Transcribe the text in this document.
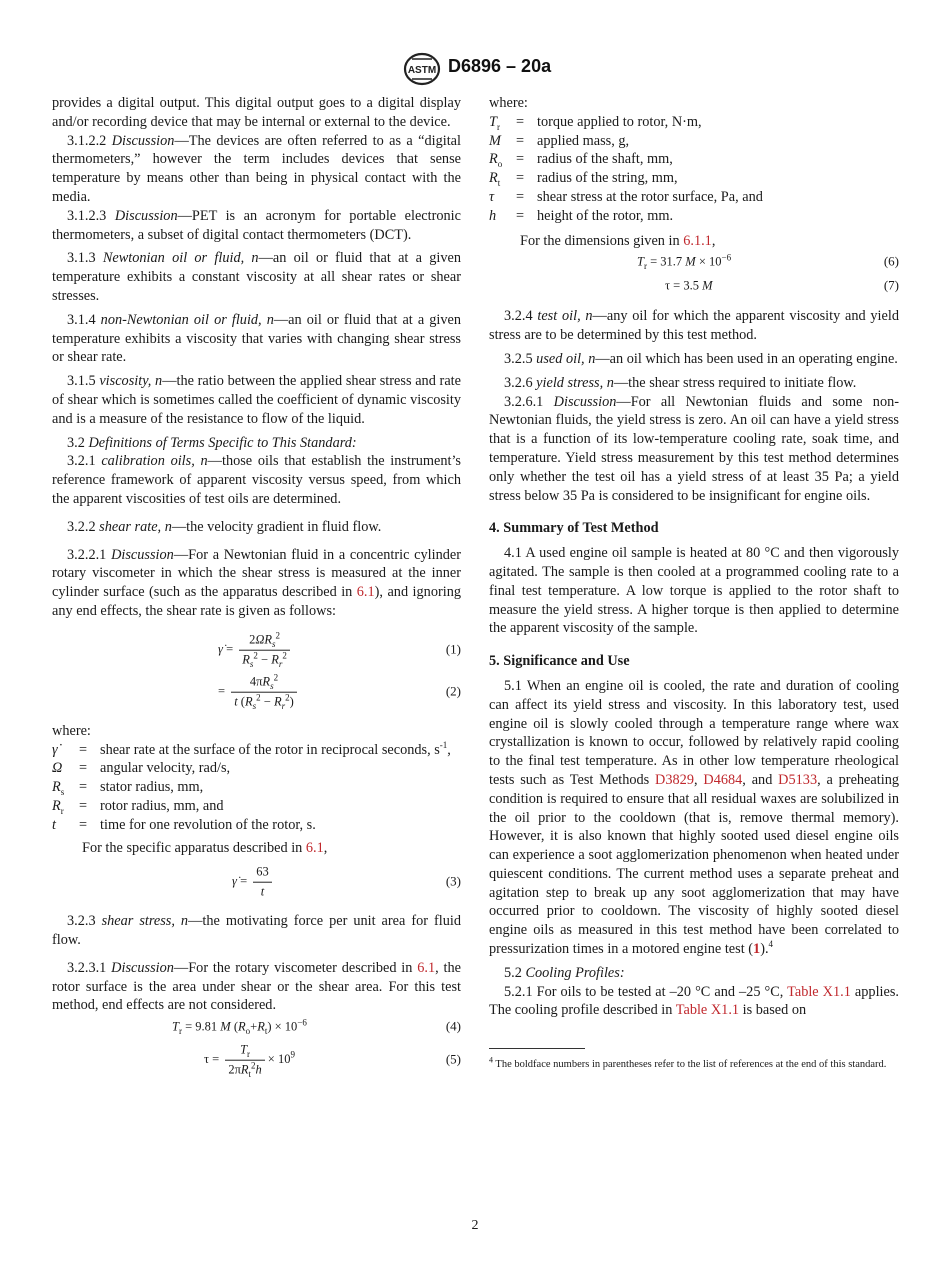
ASTM D6896 – 20a

provides a digital output. This digital output goes to a digital display and/or recording device that may be internal or external to the device.

3.1.2.2 Discussion—The devices are often referred to as a “digital thermometers,” however the term includes devices that sense temperature by means other than being in physical contact with the media.

3.1.2.3 Discussion—PET is an acronym for portable electronic thermometers, a subset of digital contact thermometers (DCT).

3.1.3 Newtonian oil or fluid, n—an oil or fluid that at a given temperature exhibits a constant viscosity at all shear rates or shear stresses.

3.1.4 non-Newtonian oil or fluid, n—an oil or fluid that at a given temperature exhibits a viscosity that varies with changing shear stress or shear rate.

3.1.5 viscosity, n—the ratio between the applied shear stress and rate of shear which is sometimes called the coefficient of dynamic viscosity and is a measure of the resistance to flow of the liquid.

3.2 Definitions of Terms Specific to This Standard:

3.2.1 calibration oils, n—those oils that establish the instrument’s reference framework of apparent viscosity versus speed, from which the apparent viscosities of test oils are determined.

3.2.2 shear rate, n—the velocity gradient in fluid flow.

3.2.2.1 Discussion—For a Newtonian fluid in a concentric cylinder rotary viscometer in which the shear stress is measured at the inner cylinder surface (such as the apparatus described in 6.1), and ignoring any end effects, the shear rate is given as follows:

γ̇ = $\frac{2\Omega R_s^2}{R_s^2 - R_r^2}$	(1)
= $\frac{4\pi R_s^2}{t (R_s^2 - R_r^2)}$	(2)

where:

γ̇	= shear rate at the surface of the rotor in reciprocal seconds, $s^{-1}$,
Ω	= angular velocity, rad/s,
$R_s$	= stator radius, mm,
$R_r$	= rotor radius, mm, and
t	= time for one revolution of the rotor, s.

For the specific apparatus described in 6.1,

γ̇ = $\frac{63}{t}$	(3)

3.2.3 shear stress, n—the motivating force per unit area for fluid flow.

3.2.3.1 Discussion—For the rotary viscometer described in 6.1, the rotor surface is the area under shear or the shear area. For this test method, end effects are not considered.

$T_r = 9.81$ M $(R_o+R_t) \times 10^{-6}$	(4)
$\tau = \frac{T_r}{2\pi R_t^2h} \times 10^9$	(5)

where:

$T_r$	= torque applied to rotor, N·m,
M	= applied mass, g,
$R_o$ = radius of the shaft, mm,
$R_t$	= radius of the string, mm,
τ	= shear stress at the rotor surface, Pa, and
h	= height of the rotor, mm.

For the dimensions given in 6.1.1,

$T_r = 31.7$ $M \times 10^{-6}$	(6)
τ = 3.5 M	(7)

3.2.4 test oil, n—any oil for which the apparent viscosity and yield stress are to be determined by this test method.

3.2.5 used oil, n—an oil which has been used in an operating engine.

3.2.6 yield stress, n—the shear stress required to initiate flow.

3.2.6.1 Discussion—For all Newtonian fluids and some non-Newtonian fluids, the yield stress is zero. An oil can have a yield stress that is a function of its low-temperature cooling rate, soak time, and temperature. Yield stress measurement by this test method determines only whether the test oil has a yield stress of at least 35 Pa; a yield stress below 35 Pa is considered to be insignificant for engine oils.

4. Summary of Test Method

4.1 A used engine oil sample is heated at 80 °C and then vigorously agitated. The sample is then cooled at a programmed cooling rate to a final test temperature. A low torque is applied to the rotor shaft to measure the yield stress. A higher torque is then applied to determine the apparent viscosity of the sample.

5. Significance and Use

5.1 When an engine oil is cooled, the rate and duration of cooling can affect its yield stress and viscosity. In this laboratory test, used engine oil is slowly cooled through a temperature range where wax crystallization is known to occur, followed by relatively rapid cooling to the final test temperature. As in other low temperature rheological tests such as Test Methods D3829, D4684, and D5133, a preheating condition is required to ensure that all residual waxes are solubilized in the oil prior to the cooldown (that is, remove thermal memory). However, it is also known that highly sooted used diesel engine oils can experience a soot agglomerization phenomenon when heated under quiescent conditions. The current method uses a separate preheat and agitation step to break up any soot agglomerization that may have occurred prior to cooldown. The viscosity of highly sooted diesel engine oils as measured in this test method have been correlated to pressurization times in a motored engine test (1).$^4$

5.2 Cooling Profiles:

5.2.1 For oils to be tested at –20 °C and –25 °C, Table X1.1 applies. The cooling profile described in Table X1.1 is based on

$^4$ The boldface numbers in parentheses refer to the list of references at the end of this standard.

2
